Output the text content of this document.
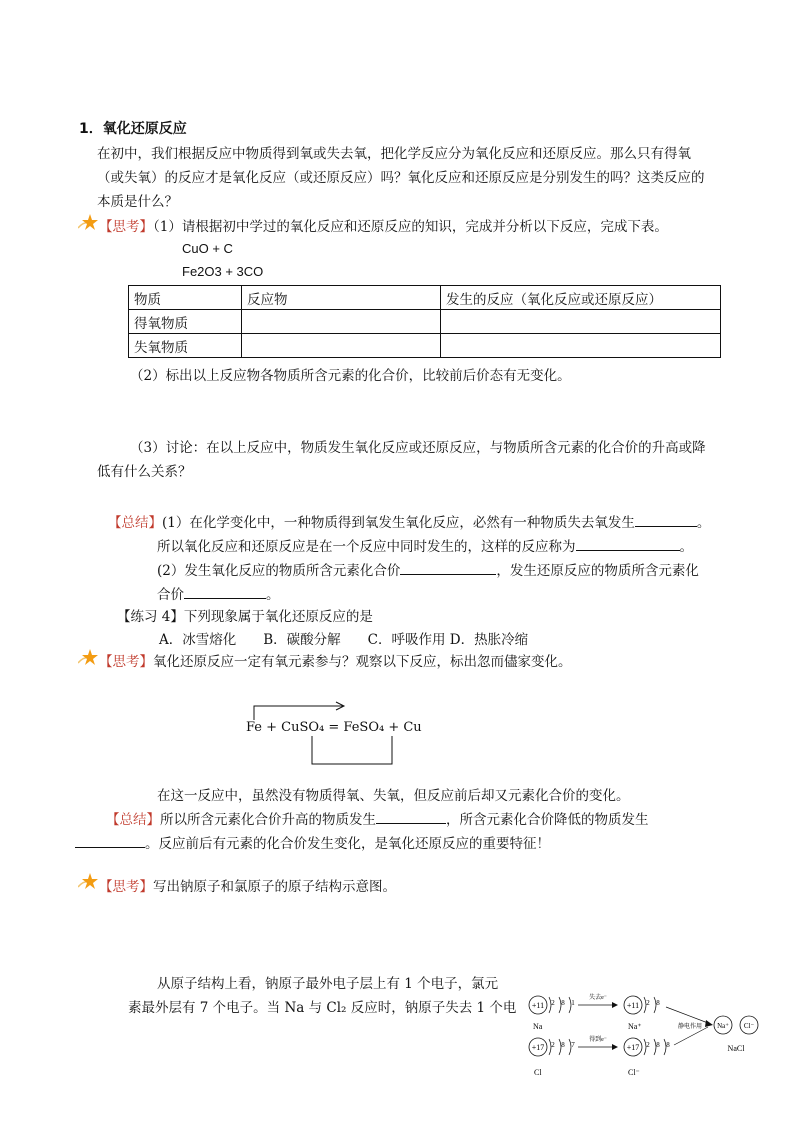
1．氧化还原反应
在初中，我们根据反应中物质得到氧或失去氧，把化学反应分为氧化反应和还原反应。那么只有得氧
（或失氧）的反应才是氧化反应（或还原反应）吗？氧化反应和还原反应是分别发生的吗？这类反应的
本质是什么？
【思考】（1）请根据初中学过的氧化反应和还原反应的知识，完成并分析以下反应，完成下表。
CuO + C
Fe2O3 + 3CO
物质	反应物	发生的反应（氧化反应或还原反应）
得氧物质		
失氧物质		
（2）标出以上反应物各物质所含元素的化合价，比较前后价态有无变化。
（3）讨论：在以上反应中，物质发生氧化反应或还原反应，与物质所含元素的化合价的升高或降
低有什么关系？
【总结】(1）在化学变化中，一种物质得到氧发生氧化反应，必然有一种物质失去氧发生	。
所以氧化反应和还原反应是在一个反应中同时发生的，这样的反应称为	。
(2）发生氧化反应的物质所含元素化合价	，发生还原反应的物质所含元素化
合价	。
【练习 4】下列现象属于氧化还原反应的是
A．冰雪熔化　　B．碳酸分解　　C．呼吸作用 D．热胀冷缩
【思考】氧化还原反应一定有氧元素参与？观察以下反应，标出忽而儘家变化。
Fe + CuSO₄ = FeSO₄ + Cu
在这一反应中，虽然没有物质得氧、失氧，但反应前后却又元素化合价的变化。
【总结】所以所含元素化合价升高的物质发生	，所含元素化合价降低的物质发生
。反应前后有元素的化合价发生变化，是氧化还原反应的重要特征！
【思考】写出钠原子和氯原子的原子结构示意图。
从原子结构上看，钠原子最外电子层上有 1 个电子，氯元
素最外层有 7 个电子。当 Na 与 Cl₂ 反应时，钠原子失去 1 个电 +11 2 8 1
Na
失去e⁻
+11 2 8
Na⁺
+17 2 8 7
Cl
得到e⁻
+17 2 8 8
Cl⁻
静电作用 Na⁺ Cl⁻
NaCl
